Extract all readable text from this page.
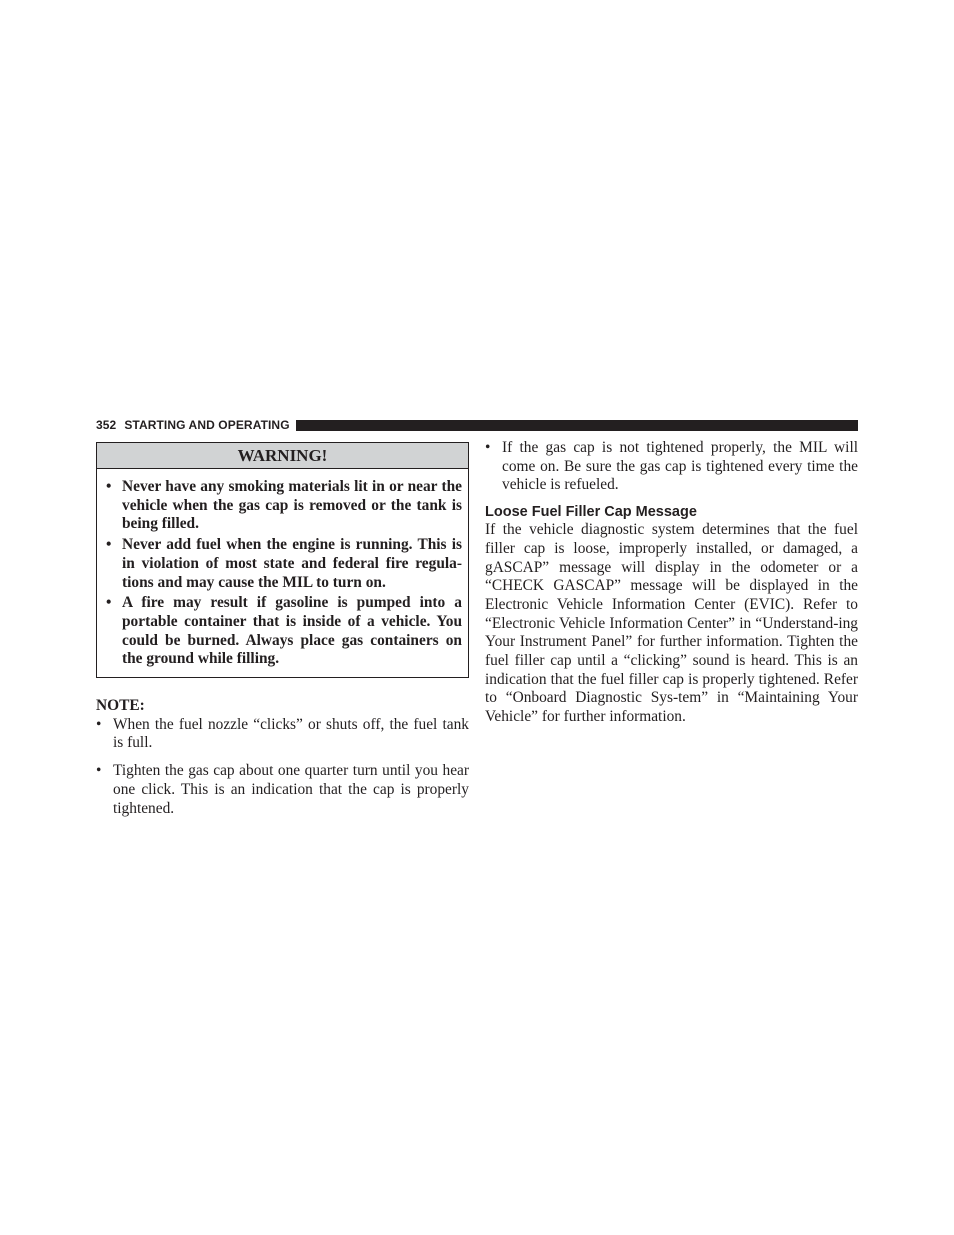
352 STARTING AND OPERATING
WARNING!
• Never have any smoking materials lit in or near the vehicle when the gas cap is removed or the tank is being filled.
• Never add fuel when the engine is running. This is in violation of most state and federal fire regula-tions and may cause the MIL to turn on.
• A fire may result if gasoline is pumped into a portable container that is inside of a vehicle. You could be burned. Always place gas containers on the ground while filling.
NOTE:
• When the fuel nozzle “clicks” or shuts off, the fuel tank is full.
• Tighten the gas cap about one quarter turn until you hear one click. This is an indication that the cap is properly tightened.
• If the gas cap is not tightened properly, the MIL will come on. Be sure the gas cap is tightened every time the vehicle is refueled.
Loose Fuel Filler Cap Message

If the vehicle diagnostic system determines that the fuel filler cap is loose, improperly installed, or damaged, a gASCAP” message will display in the odometer or a “CHECK GASCAP” message will be displayed in the Electronic Vehicle Information Center (EVIC). Refer to “Electronic Vehicle Information Center” in “Understand-ing Your Instrument Panel” for further information. Tighten the fuel filler cap until a “clicking” sound is heard. This is an indication that the fuel filler cap is properly tightened. Refer to “Onboard Diagnostic Sys-tem” in “Maintaining Your Vehicle” for further information.
